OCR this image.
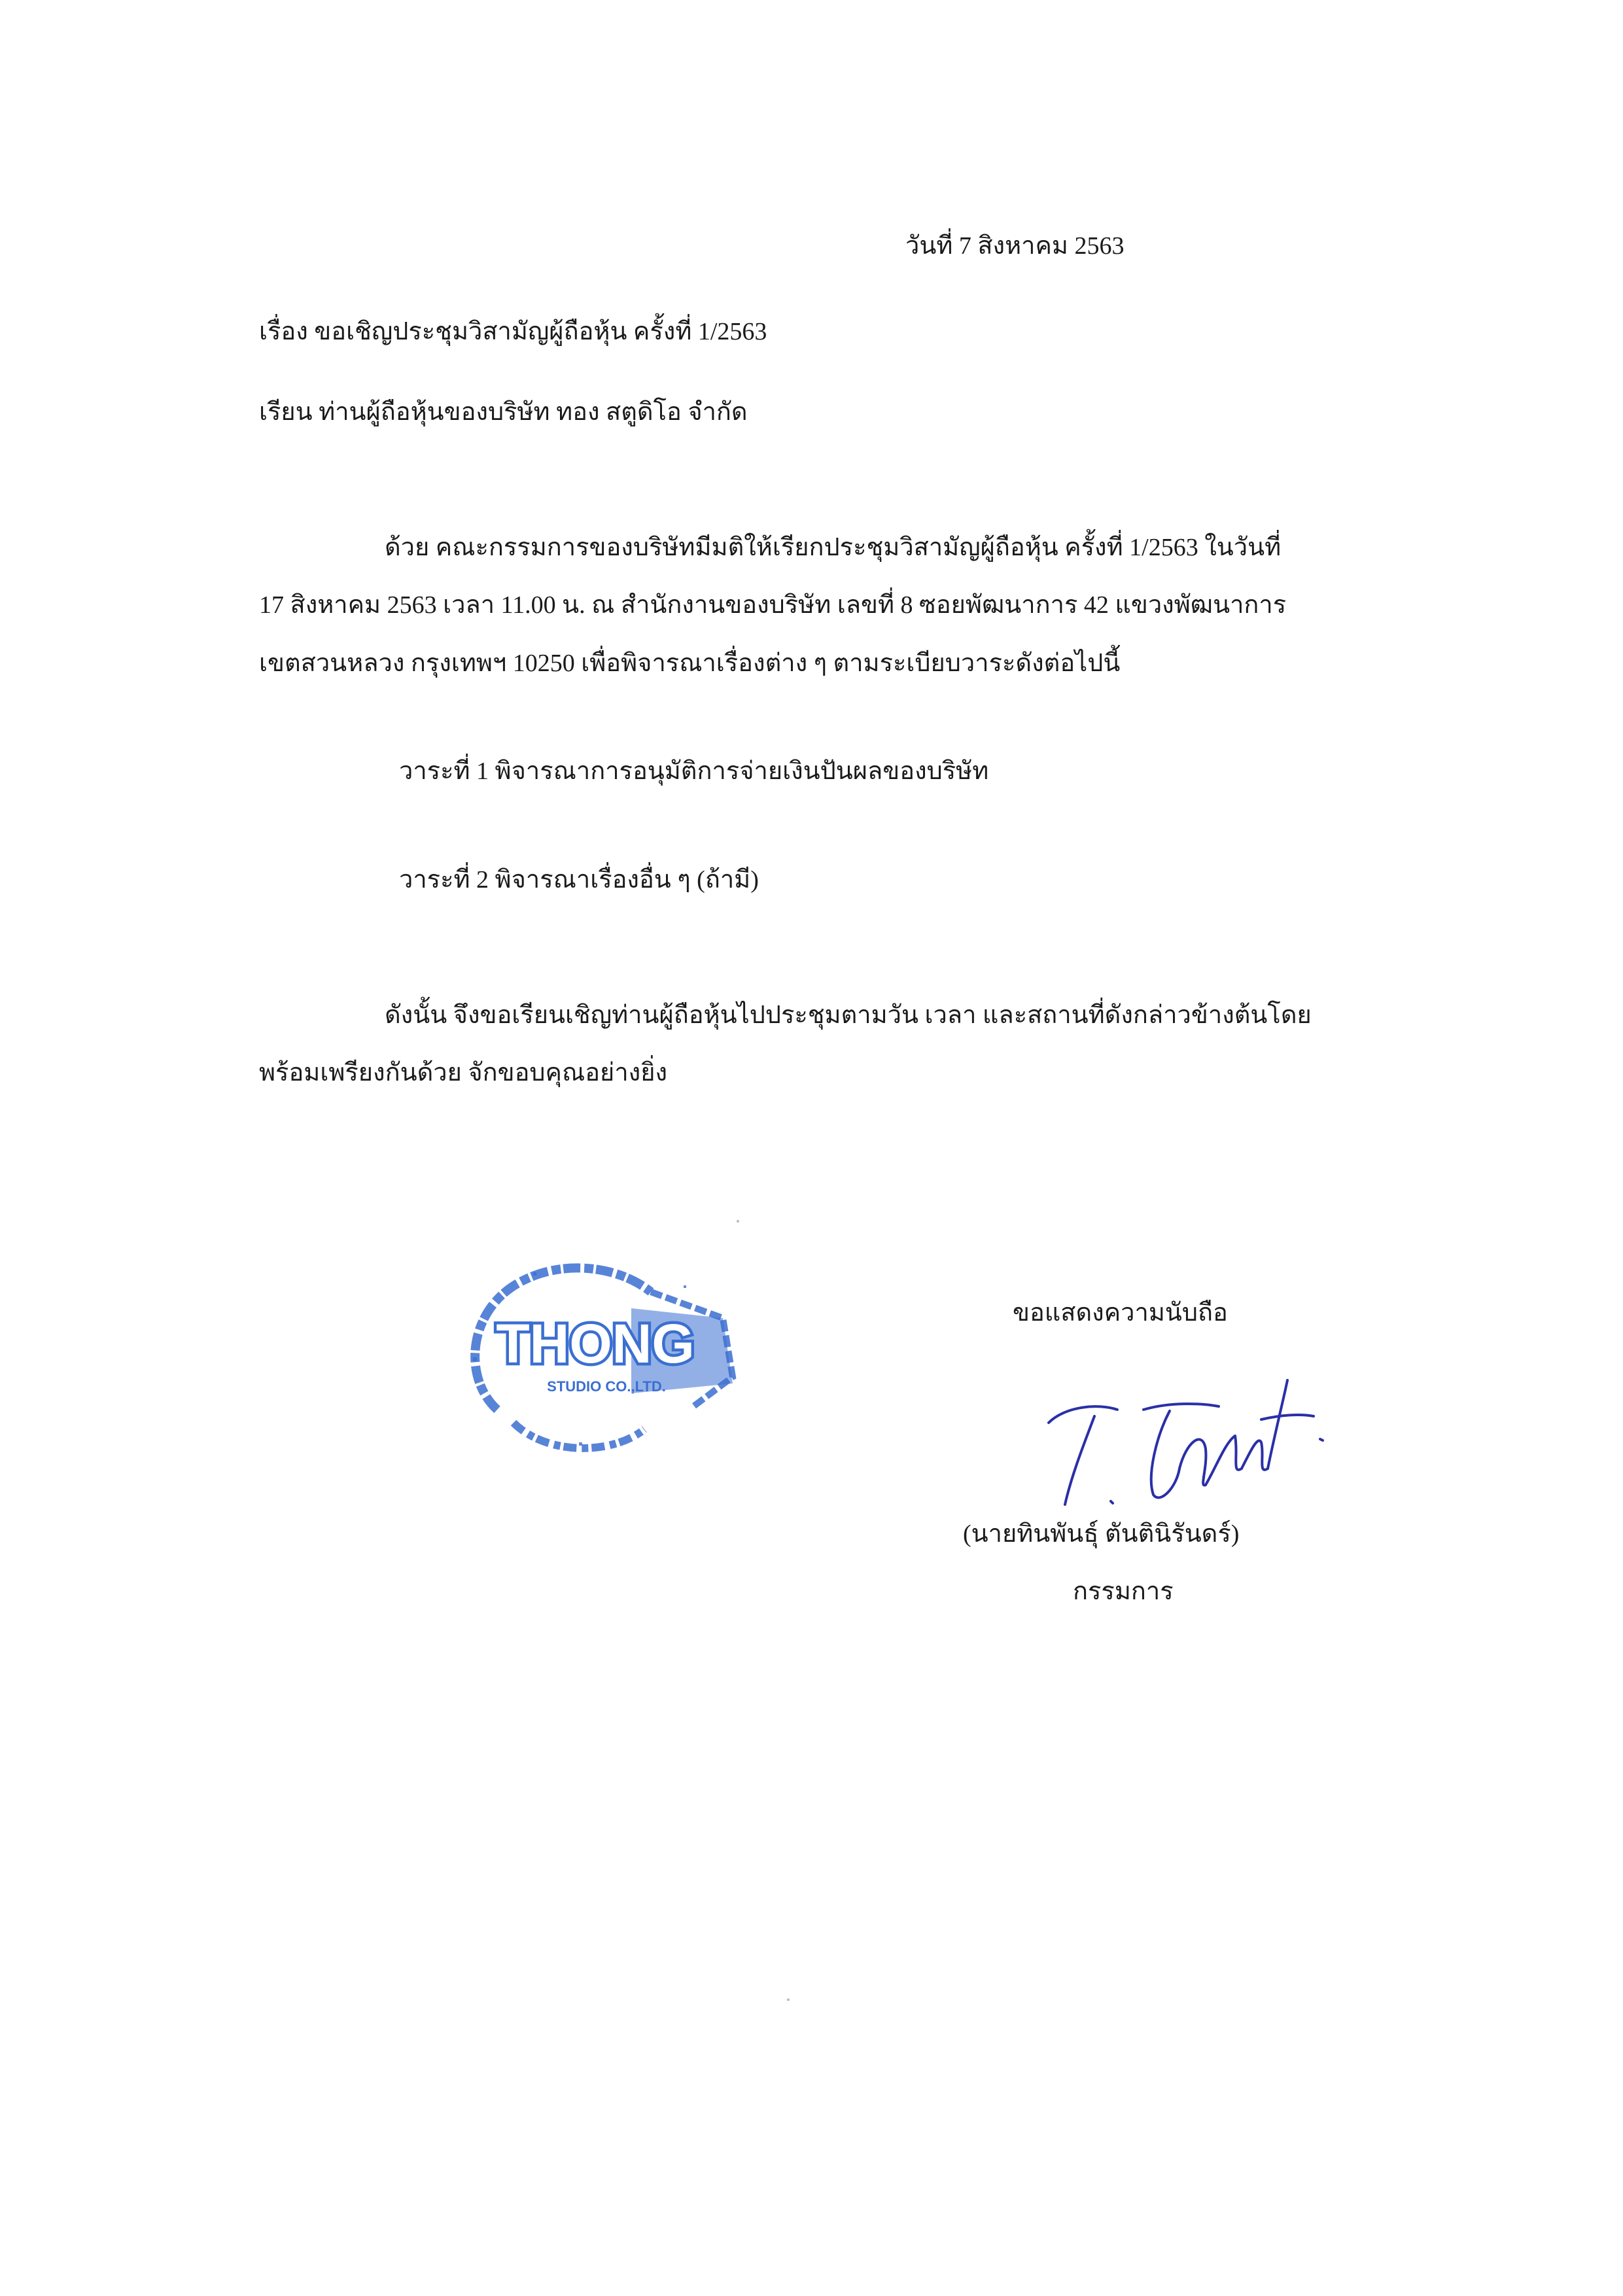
วันที่ 7 สิงหาคม 2563
เรื่อง ขอเชิญประชุมวิสามัญผู้ถือหุ้น ครั้งที่ 1/2563
เรียน ท่านผู้ถือหุ้นของบริษัท ทอง สตูดิโอ จำกัด
ด้วย คณะกรรมการของบริษัทมีมติให้เรียกประชุมวิสามัญผู้ถือหุ้น ครั้งที่ 1/2563 ในวันที่
17 สิงหาคม 2563 เวลา 11.00 น. ณ สำนักงานของบริษัท เลขที่ 8 ซอยพัฒนาการ 42 แขวงพัฒนาการ
เขตสวนหลวง กรุงเทพฯ 10250 เพื่อพิจารณาเรื่องต่าง ๆ ตามระเบียบวาระดังต่อไปนี้
วาระที่ 1 พิจารณาการอนุมัติการจ่ายเงินปันผลของบริษัท
วาระที่ 2 พิจารณาเรื่องอื่น ๆ (ถ้ามี)
ดังนั้น จึงขอเรียนเชิญท่านผู้ถือหุ้นไปประชุมตามวัน เวลา และสถานที่ดังกล่าวข้างต้นโดย
พร้อมเพรียงกันด้วย จักขอบคุณอย่างยิ่ง
THONG
STUDIO CO.,LTD.
ขอแสดงความนับถือ
(นายทินพันธุ์ ตันตินิรันดร์)
กรรมการ
